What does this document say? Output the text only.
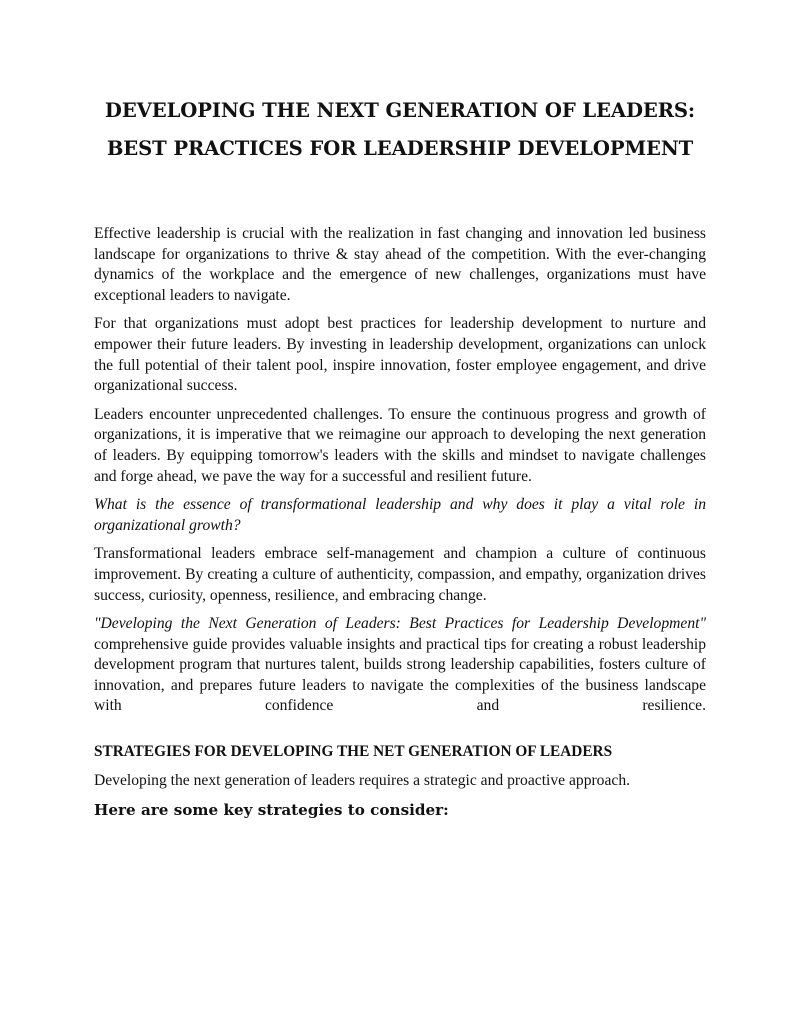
DEVELOPING THE NEXT GENERATION OF LEADERS:
BEST PRACTICES FOR LEADERSHIP DEVELOPMENT

Effective leadership is crucial with the realization in fast changing and innovation led business landscape for organizations to thrive & stay ahead of the competition. With the ever-changing dynamics of the workplace and the emergence of new challenges, organizations must have exceptional leaders to navigate.

For that organizations must adopt best practices for leadership development to nurture and empower their future leaders. By investing in leadership development, organizations can unlock the full potential of their talent pool, inspire innovation, foster employee engagement, and drive organizational success.

Leaders encounter unprecedented challenges. To ensure the continuous progress and growth of organizations, it is imperative that we reimagine our approach to developing the next generation of leaders. By equipping tomorrow's leaders with the skills and mindset to navigate challenges and forge ahead, we pave the way for a successful and resilient future.

What is the essence of transformational leadership and why does it play a vital role in organizational growth?

Transformational leaders embrace self-management and champion a culture of continuous improvement. By creating a culture of authenticity, compassion, and empathy, organization drives success, curiosity, openness, resilience, and embracing change.

"Developing the Next Generation of Leaders: Best Practices for Leadership Development" comprehensive guide provides valuable insights and practical tips for creating a robust leadership development program that nurtures talent, builds strong leadership capabilities, fosters culture of innovation, and prepares future leaders to navigate the complexities of the business landscape with confidence and resilience.

STRATEGIES FOR DEVELOPING THE NET GENERATION OF LEADERS

Developing the next generation of leaders requires a strategic and proactive approach.

Here are some key strategies to consider:
